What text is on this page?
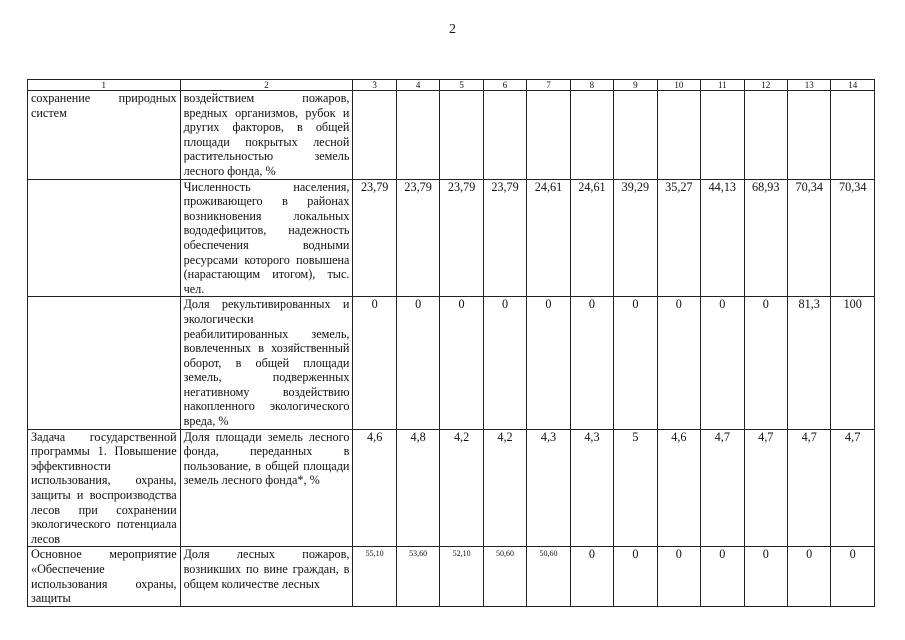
2
1	2	3	4	5	6	7	8	9	10	11	12	13	14
сохранение природных систем	воздействием пожаров, вредных организмов, рубок и других факторов, в общей площади покрытых лесной растительностью земель лесного фонда, %												
	Численность населения, проживающего в районах возникновения локальных вододефицитов, надежность обеспечения водными ресурсами которого повышена (нарастающим итогом), тыс. чел.	23,79	23,79	23,79	23,79	24,61	24,61	39,29	35,27	44,13	68,93	70,34	70,34
	Доля рекультивированных и экологически реабилитированных земель, вовлеченных в хозяйственный оборот, в общей площади земель, подверженных негативному воздействию накопленного экологического вреда, %	0	0	0	0	0	0	0	0	0	0	81,3	100
Задача государственной программы 1. Повышение эффективности использования, охраны, защиты и воспроизводства лесов при сохранении экологического потенциала лесов	Доля площади земель лесного фонда, переданных в пользование, в общей площади земель лесного фонда*, %	4,6	4,8	4,2	4,2	4,3	4,3	5	4,6	4,7	4,7	4,7	4,7
Основное мероприятие «Обеспечение использования охраны, защиты	Доля лесных пожаров, возникших по вине граждан, в общем количестве лесных	55,10	53,60	52,10	50,60	50,60	0	0	0	0	0	0	0
